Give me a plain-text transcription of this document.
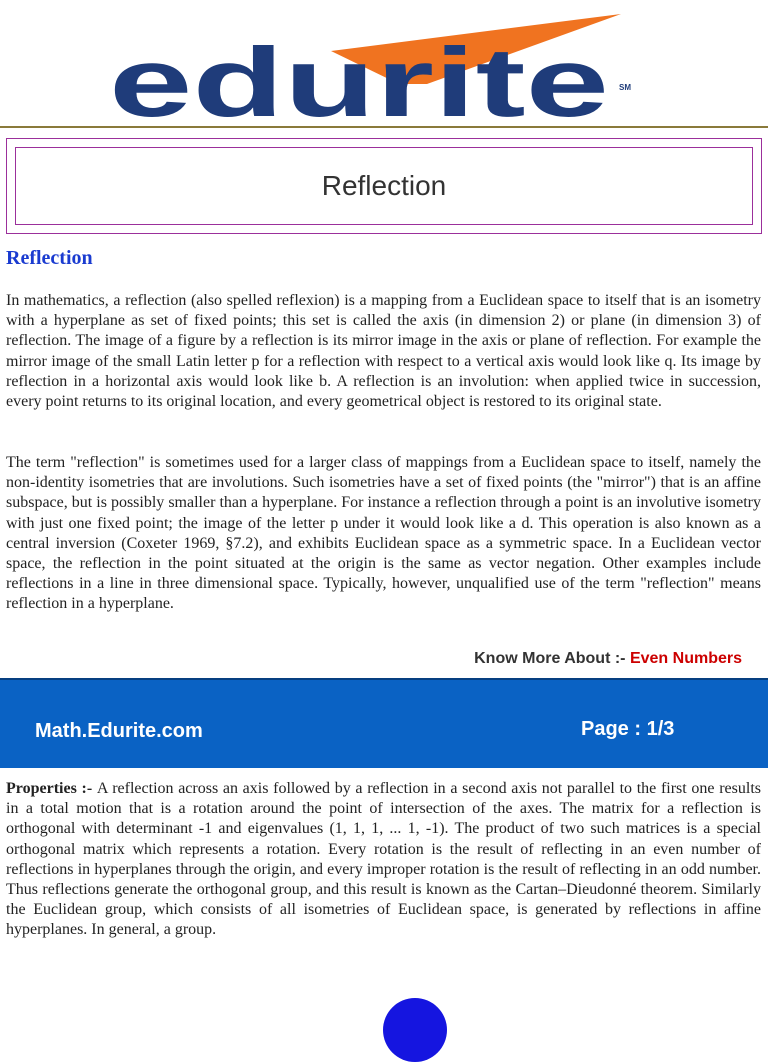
edurite SM
Reflection
Reflection

In mathematics, a reflection (also spelled reflexion) is a mapping from a Euclidean space to itself that is an isometry with a hyperplane as set of fixed points; this set is called the axis (in dimension 2) or plane (in dimension 3) of reflection. The image of a figure by a reflection is its mirror image in the axis or plane of reflection. For example the mirror image of the small Latin letter p for a reflection with respect to a vertical axis would look like q. Its image by reflection in a horizontal axis would look like b. A reflection is an involution: when applied twice in succession, every point returns to its original location, and every geometrical object is restored to its original state.

The term "reflection" is sometimes used for a larger class of mappings from a Euclidean space to itself, namely the non-identity isometries that are involutions. Such isometries have a set of fixed points (the "mirror") that is an affine subspace, but is possibly smaller than a hyperplane. For instance a reflection through a point is an involutive isometry with just one fixed point; the image of the letter p under it would look like a d. This operation is also known as a central inversion (Coxeter 1969, §7.2), and exhibits Euclidean space as a symmetric space. In a Euclidean vector space, the reflection in the point situated at the origin is the same as vector negation. Other examples include reflections in a line in three dimensional space. Typically, however, unqualified use of the term "reflection" means reflection in a hyperplane.

Know More About :- Even Numbers
Math.Edurite.com	Page : 1/3

Properties :- A reflection across an axis followed by a reflection in a second axis not parallel to the first one results in a total motion that is a rotation around the point of intersection of the axes. The matrix for a reflection is orthogonal with determinant -1 and eigenvalues (1, 1, 1, ... 1, -1). The product of two such matrices is a special orthogonal matrix which represents a rotation. Every rotation is the result of reflecting in an even number of reflections in hyperplanes through the origin, and every improper rotation is the result of reflecting in an odd number. Thus reflections generate the orthogonal group, and this result is known as the Cartan–Dieudonné theorem. Similarly the Euclidean group, which consists of all isometries of Euclidean space, is generated by reflections in affine hyperplanes. In general, a group.
